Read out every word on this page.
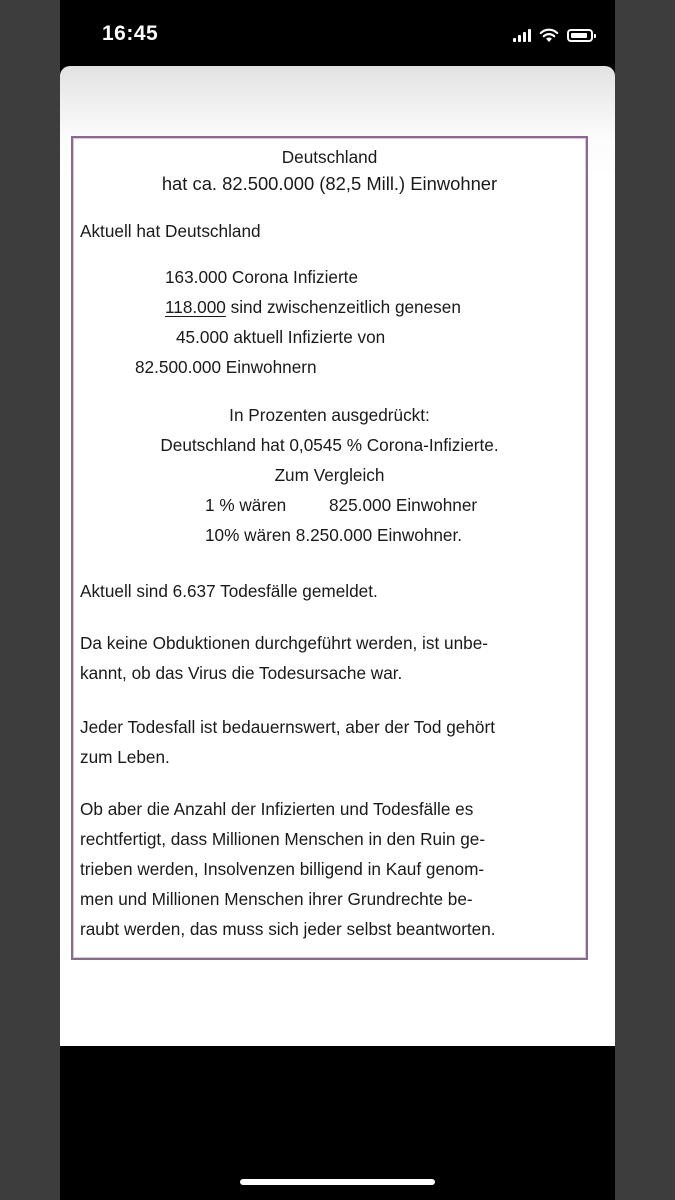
16:45
Deutschland
hat ca. 82.500.000 (82,5 Mill.) Einwohner
Aktuell hat Deutschland
163.000 Corona Infizierte
118.000 sind zwischenzeitlich genesen
45.000 aktuell Infizierte von
82.500.000 Einwohnern
In Prozenten ausgedrückt:
Deutschland hat 0,0545 % Corona-Infizierte.
Zum Vergleich
1 % wären 825.000 Einwohner
10% wären 8.250.000 Einwohner.
Aktuell sind 6.637 Todesfälle gemeldet.
Da keine Obduktionen durchgeführt werden, ist unbe-
kannt, ob das Virus die Todesursache war.
Jeder Todesfall ist bedauernswert, aber der Tod gehört
zum Leben.
Ob aber die Anzahl der Infizierten und Todesfälle es
rechtfertigt, dass Millionen Menschen in den Ruin ge-
trieben werden, Insolvenzen billigend in Kauf genom-
men und Millionen Menschen ihrer Grundrechte be-
raubt werden, das muss sich jeder selbst beantworten.
